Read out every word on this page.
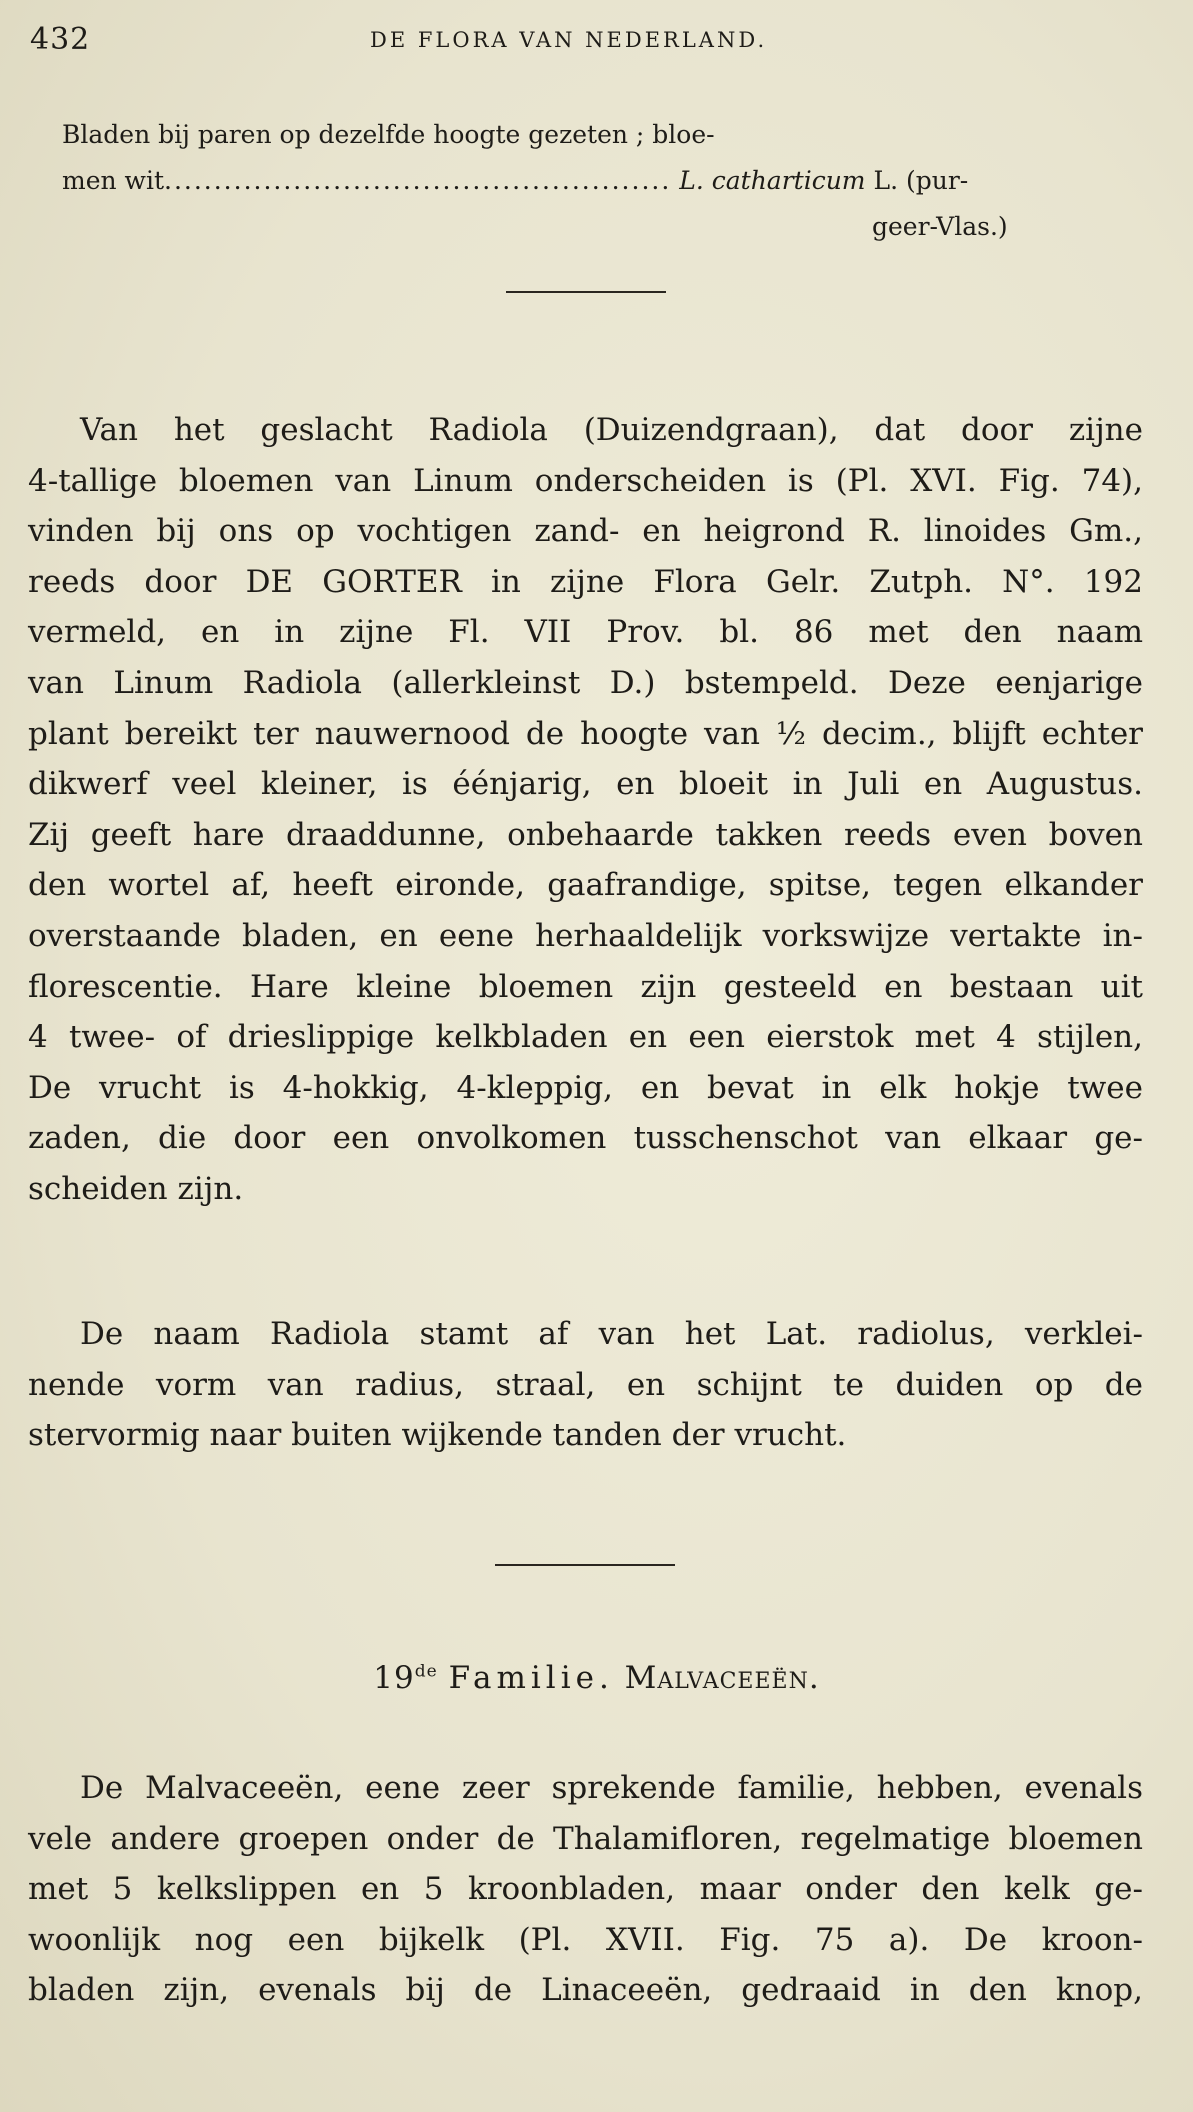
432	DE FLORA VAN NEDERLAND.
Bladen bij paren op dezelfde hoogte gezeten ; bloe-
men wit................................................... L. catharticum L. (pur-
geer-Vlas.)
Van het geslacht Radiola (Duizendgraan), dat door zijne
4-tallige bloemen van Linum onderscheiden is (Pl. XVI. Fig. 74),
vinden bij ons op vochtigen zand- en heigrond R. linoides Gm.,
reeds door DE GORTER in zijne Flora Gelr. Zutph. N°. 192
vermeld, en in zijne Fl. VII Prov. bl. 86 met den naam
van Linum Radiola (allerkleinst D.) bstempeld. Deze eenjarige
plant bereikt ter nauwernood de hoogte van ½ decim., blijft echter
dikwerf veel kleiner, is éénjarig, en bloeit in Juli en Augustus.
Zij geeft hare draaddunne, onbehaarde takken reeds even boven
den wortel af, heeft eironde, gaafrandige, spitse, tegen elkander
overstaande bladen, en eene herhaaldelijk vorkswijze vertakte in-
florescentie. Hare kleine bloemen zijn gesteeld en bestaan uit
4 twee- of drieslippige kelkbladen en een eierstok met 4 stijlen,
De vrucht is 4-hokkig, 4-kleppig, en bevat in elk hokje twee
zaden, die door een onvolkomen tusschenschot van elkaar ge-
scheiden zijn.
De naam Radiola stamt af van het Lat. radiolus, verklei-
nende vorm van radius, straal, en schijnt te duiden op de
stervormig naar buiten wijkende tanden der vrucht.
19de Familie. Malvaceeën.
De Malvaceeën, eene zeer sprekende familie, hebben, evenals
vele andere groepen onder de Thalamifloren, regelmatige bloemen
met 5 kelkslippen en 5 kroonbladen, maar onder den kelk ge-
woonlijk nog een bijkelk (Pl. XVII. Fig. 75 a). De kroon-
bladen zijn, evenals bij de Linaceeën, gedraaid in den knop,
